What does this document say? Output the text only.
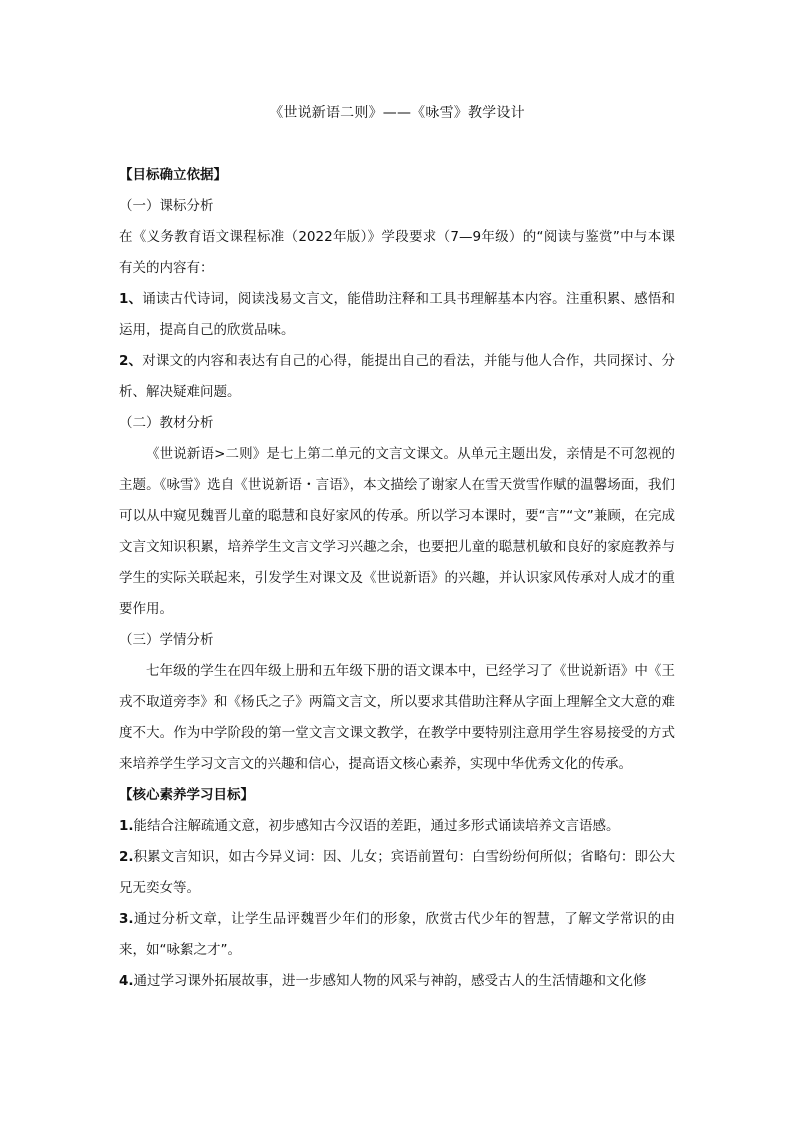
《世说新语二则》——《咏雪》教学设计

【目标确立依据】

（一）课标分析

在《义务教育语文课程标准（2022年版）》学段要求（7—9年级）的“阅读与鉴赏”中与本课有关的内容有：

1、诵读古代诗词，阅读浅易文言文，能借助注释和工具书理解基本内容。注重积累、感悟和运用，提高自己的欣赏品味。

2、对课文的内容和表达有自己的心得，能提出自己的看法，并能与他人合作，共同探讨、分析、解决疑难问题。

（二）教材分析

《世说新语>二则》是七上第二单元的文言文课文。从单元主题出发，亲情是不可忽视的 主题。《咏雪》选自《世说新语・言语》，本文描绘了谢家人在雪天赏雪作赋的温馨场面，我们可以从中窥见魏晋儿童的聪慧和良好家风的传承。所以学习本课时，要“言”“文”兼顾，在完成文言文知识积累，培养学生文言文学习兴趣之余，也要把儿童的聪慧机敏和良好的家庭教养与学生的实际关联起来，引发学生对课文及《世说新语》的兴趣，并认识家风传承对人成才的重要作用。

（三）学情分析

七年级的学生在四年级上册和五年级下册的语文课本中，已经学习了《世说新语》中《王戎不取道旁李》和《杨氏之子》两篇文言文，所以要求其借助注释从字面上理解全文大意的难度不大。作为中学阶段的第一堂文言文课文教学，在教学中要特别注意用学生容易接受的方式来培养学生学习文言文的兴趣和信心，提高语文核心素养，实现中华优秀文化的传承。

【核心素养学习目标】

1.能结合注解疏通文意，初步感知古今汉语的差距，通过多形式诵读培养文言语感。

2.积累文言知识，如古今异义词：因、儿女；宾语前置句：白雪纷纷何所似；省略句：即公大兄无奕女等。

3.通过分析文章，让学生品评魏晋少年们的形象，欣赏古代少年的智慧，了解文学常识的由来，如“咏絮之才”。

4.通过学习课外拓展故事，进一步感知人物的风采与神韵，感受古人的生活情趣和文化修
